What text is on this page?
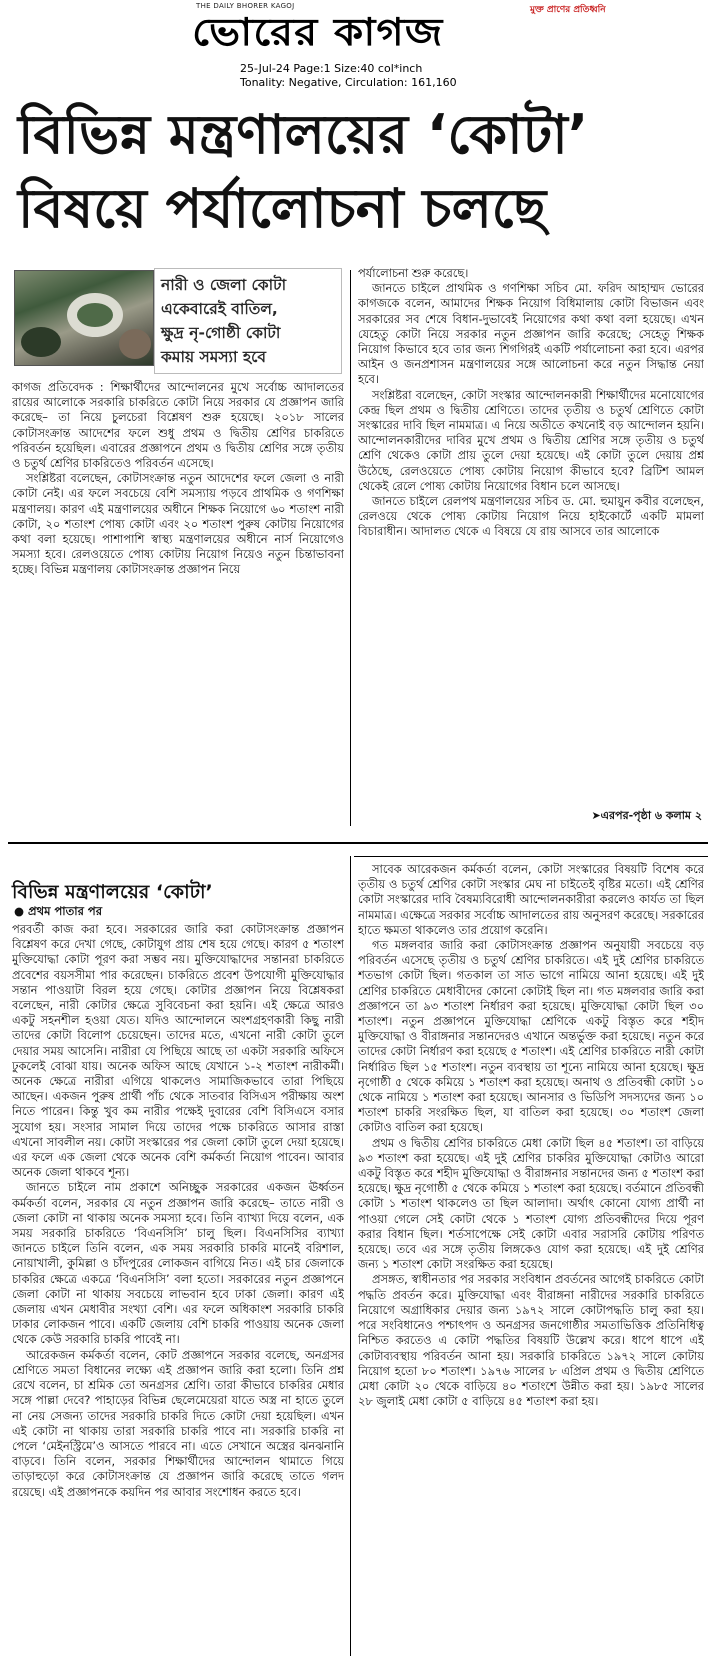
THE DAILY BHORER KAGOJ	মুক্ত প্রাণের প্রতিধ্বনি
ভোরের কাগজ
25-Jul-24 Page:1 Size:40 col*inch
Tonality: Negative, Circulation: 161,160
বিভিন্ন মন্ত্রণালয়ের ‘কোটা’
বিষয়ে পর্যালোচনা চলছে
নারী ও জেলা কোটা
একেবারেই বাতিল,
ক্ষুদ্র নৃ-গোষ্ঠী কোটা
কমায় সমস্যা হবে

কাগজ প্রতিবেদক : শিক্ষার্থীদের আন্দোলনের মুখে সর্বোচ্চ আদালতের রায়ের আলোকে সরকারি চাকরিতে কোটা নিয়ে সরকার যে প্রজ্ঞাপন জারি করেছে– তা নিয়ে চুলচেরা বিশ্লেষণ শুরু হয়েছে। ২০১৮ সালের কোটাসংক্রান্ত আদেশের ফলে শুধু প্রথম ও দ্বিতীয় শ্রেণির চাকরিতে পরিবর্তন হয়েছিল। এবারের প্রজ্ঞাপনে প্রথম ও দ্বিতীয় শ্রেণির সঙ্গে তৃতীয় ও চতুর্থ শ্রেণির চাকরিতেও পরিবর্তন এসেছে।

সংশ্লিষ্টরা বলেছেন, কোটাসংক্রান্ত নতুন আদেশের ফলে জেলা ও নারী কোটা নেই। এর ফলে সবচেয়ে বেশি সমস্যায় পড়বে প্রাথমিক ও গণশিক্ষা মন্ত্রণালয়। কারণ এই মন্ত্রণালয়ের অধীনে শিক্ষক নিয়োগে ৬০ শতাংশ নারী কোটা, ২০ শতাংশ পোষ্য কোটা এবং ২০ শতাংশ পুরুষ কোটায় নিয়োগের কথা বলা হয়েছে। পাশাপাশি স্বাস্থ্য মন্ত্রণালয়ের অধীনে নার্স নিয়োগেও সমস্যা হবে। রেলওয়েতে পোষ্য কোটায় নিয়োগ নিয়েও নতুন চিন্তাভাবনা হচ্ছে। বিভিন্ন মন্ত্রণালয় কোটাসংক্রান্ত প্রজ্ঞাপন নিয়ে

পর্যালোচনা শুরু করেছে।

জানতে চাইলে প্রাথমিক ও গণশিক্ষা সচিব মো. ফরিদ আহাম্মদ ভোরের কাগজকে বলেন, আমাদের শিক্ষক নিয়োগ বিধিমালায় কোটা বিভাজন এবং সরকারের সব শেষে বিধান-দুভাবেই নিয়োগের কথা কথা বলা হয়েছে। এখন যেহেতু কোটা নিয়ে সরকার নতুন প্রজ্ঞাপন জারি করেছে; সেহেতু শিক্ষক নিয়োগ কিভাবে হবে তার জন্য শিগগিরই একটি পর্যালোচনা করা হবে। এরপর আইন ও জনপ্রশাসন মন্ত্রণালয়ের সঙ্গে আলোচনা করে নতুন সিদ্ধান্ত নেয়া হবে।

সংশ্লিষ্টরা বলেছেন, কোটা সংস্কার আন্দোলনকারী শিক্ষার্থীদের মনোযোগের কেন্দ্র ছিল প্রথম ও দ্বিতীয় শ্রেণিতে। তাদের তৃতীয় ও চতুর্থ শ্রেণিতে কোটা সংস্কারের দাবি ছিল নামমাত্র। এ নিয়ে অতীতে কখনোই বড় আন্দোলন হয়নি। আন্দোলনকারীদের দাবির মুখে প্রথম ও দ্বিতীয় শ্রেণির সঙ্গে তৃতীয় ও চতুর্থ শ্রেণি থেকেও কোটা প্রায় তুলে দেয়া হয়েছে। এই কোটা তুলে দেয়ায় প্রশ্ন উঠেছে, রেলওয়েতে পোষ্য কোটায় নিয়োগ কীভাবে হবে? ব্রিটিশ আমল থেকেই রেলে পোষ্য কোটায় নিয়োগের বিধান চলে আসছে।

জানতে চাইলে রেলপথ মন্ত্রণালয়ের সচিব ড. মো. হুমায়ুন কবীর বলেছেন, রেলওয়ে থেকে পোষ্য কোটায় নিয়োগ নিয়ে হাইকোর্টে একটি মামলা বিচারাধীন। আদালত থেকে এ বিষয়ে যে রায় আসবে তার আলোকে

➤এরপর-পৃষ্ঠা ৬ কলাম ২
বিভিন্ন মন্ত্রণালয়ের ‘কোটা’
● প্রথম পাতার পর

পরবর্তী কাজ করা হবে। সরকারের জারি করা কোটাসংক্রান্ত প্রজ্ঞাপন বিশ্লেষণ করে দেখা গেছে, কোটাযুগ প্রায় শেষ হয়ে গেছে। কারণ ৫ শতাংশ মুক্তিযোদ্ধা কোটা পূরণ করা সম্ভব নয়। মুক্তিযোদ্ধাদের সন্তানরা চাকরিতে প্রবেশের বয়সসীমা পার করেছেন। চাকরিতে প্রবেশ উপযোগী মুক্তিযোদ্ধার সন্তান পাওয়াটা বিরল হয়ে গেছে। কোটার প্রজ্ঞাপন নিয়ে বিশ্লেষকরা বলেছেন, নারী কোটার ক্ষেত্রে সুবিবেচনা করা হয়নি। এই ক্ষেত্রে আরও একটু সহনশীল হওয়া যেত। যদিও আন্দোলনে অংশগ্রহণকারী কিছু নারী তাদের কোটা বিলোপ চেয়েছেন। তাদের মতে, এখনো নারী কোটা তুলে দেয়ার সময় আসেনি। নারীরা যে পিছিয়ে আছে তা একটা সরকারি অফিসে ঢুকলেই বোঝা যায়। অনেক অফিস আছে যেখানে ১-২ শতাংশ নারীকর্মী। অনেক ক্ষেত্রে নারীরা এগিয়ে থাকলেও সামাজিকভাবে তারা পিছিয়ে আছেন। একজন পুরুষ প্রার্থী পাঁচ থেকে সাতবার বিসিএস পরীক্ষায় অংশ নিতে পারেন। কিন্তু খুব কম নারীর পক্ষেই দুবারের বেশি বিসিএসে বসার সুযোগ হয়। সংসার সামাল দিয়ে তাদের পক্ষে চাকরিতে আসার রাস্তা এখনো সাবলীল নয়। কোটা সংস্কারের পর জেলা কোটা তুলে দেয়া হয়েছে। এর ফলে এক জেলা থেকে অনেক বেশি কর্মকর্তা নিয়োগ পাবেন। আবার অনেক জেলা থাকবে শূন্য।

জানতে চাইলে নাম প্রকাশে অনিচ্ছুক সরকারের একজন ঊর্ধ্বতন কর্মকর্তা বলেন, সরকার যে নতুন প্রজ্ঞাপন জারি করেছে– তাতে নারী ও জেলা কোটা না থাকায় অনেক সমস্যা হবে। তিনি ব্যাখ্যা দিয়ে বলেন, এক সময় সরকারি চাকরিতে ‘বিএনসিসি’ চালু ছিল। বিএনসিসির ব্যাখ্যা জানতে চাইলে তিনি বলেন, এক সময় সরকারি চাকরি মানেই বরিশাল, নোয়াখালী, কুমিল্লা ও চাঁদপুরের লোকজন বাগিয়ে নিত। এই চার জেলাকে চাকরির ক্ষেত্রে একত্রে ‘বিএনসিসি’ বলা হতো। সরকারের নতুন প্রজ্ঞাপনে জেলা কোটা না থাকায় সবচেয়ে লাভবান হবে ঢাকা জেলা। কারণ এই জেলায় এখন মেধাবীর সংখ্যা বেশি। এর ফলে অধিকাংশ সরকারি চাকরি ঢাকার লোকজন পাবে। একটি জেলায় বেশি চাকরি পাওয়ায় অনেক জেলা থেকে কেউ সরকারি চাকরি পাবেই না।

আরেকজন কর্মকর্তা বলেন, কোট প্রজ্ঞাপনে সরকার বলেছে, অনগ্রসর শ্রেণিতে সমতা বিধানের লক্ষ্যে এই প্রজ্ঞাপন জারি করা হলো। তিনি প্রশ্ন রেখে বলেন, চা শ্রমিক তো অনগ্রসর শ্রেণি। তারা কীভাবে চাকরির মেধার সঙ্গে পাল্লা দেবে? পাহাড়ের বিভিন্ন ছেলেমেয়েরা যাতে অস্ত্র না হাতে তুলে না নেয় সেজন্য তাদের সরকারি চাকরি দিতে কোটা দেয়া হয়েছিল। এখন এই কোটা না থাকায় তারা সরকারি চাকরি পাবে না। সরকারি চাকরি না পেলে ‘মেইনস্ট্রিমে’ও আসতে পারবে না। এতে সেখানে অস্ত্রের ঝনঝনানি বাড়বে। তিনি বলেন, সরকার শিক্ষার্থীদের আন্দোলন থামাতে গিয়ে তাড়াহুড়ো করে কোটাসংক্রান্ত যে প্রজ্ঞাপন জারি করেছে তাতে গলদ রয়েছে। এই প্রজ্ঞাপনকে কয়দিন পর আবার সংশোধন করতে হবে।

সাবেক আরেকজন কর্মকর্তা বলেন, কোটা সংস্কারের বিষয়টি বিশেষ করে তৃতীয় ও চতুর্থ শ্রেণির কোটা সংস্কার মেঘ না চাইতেই বৃষ্টির মতো। এই শ্রেণির কোটা সংস্কারের দাবি বৈষম্যবিরোধী আন্দোলনকারীরা করলেও কার্যত তা ছিল নামমাত্র। এক্ষেত্রে সরকার সর্বোচ্চ আদালতের রায় অনুসরণ করেছে। সরকারের হাতে ক্ষমতা থাকলেও তার প্রয়োগ করেনি।

গত মঙ্গলবার জারি করা কোটাসংক্রান্ত প্রজ্ঞাপন অনুযায়ী সবচেয়ে বড় পরিবর্তন এসেছে তৃতীয় ও চতুর্থ শ্রেণির চাকরিতে। এই দুই শ্রেণির চাকরিতে শতভাগ কোটা ছিল। গতকাল তা সাত ভাগে নামিয়ে আনা হয়েছে। এই দুই শ্রেণির চাকরিতে মেধাবীদের কোনো কোটাই ছিল না। গত মঙ্গলবার জারি করা প্রজ্ঞাপনে তা ৯৩ শতাংশ নির্ধারণ করা হয়েছে। মুক্তিযোদ্ধা কোটা ছিল ৩০ শতাংশ। নতুন প্রজ্ঞাপনে মুক্তিযোদ্ধা শ্রেণিকে একটু বিস্তৃত করে শহীদ মুক্তিযোদ্ধা ও বীরাঙ্গনার সন্তানদেরও এখানে অন্তর্ভুক্ত করা হয়েছে। নতুন করে তাদের কোটা নির্ধারণ করা হয়েছে ৫ শতাংশ। এই শ্রেণির চাকরিতে নারী কোটা নির্ধারিত ছিল ১৫ শতাংশ। নতুন ব্যবস্থায় তা শূন্যে নামিয়ে আনা হয়েছে। ক্ষুদ্র নৃগোষ্ঠী ৫ থেকে কমিয়ে ১ শতাংশ করা হয়েছে। অনাথ ও প্রতিবন্ধী কোটা ১০ থেকে নামিয়ে ১ শতাংশ করা হয়েছে। আনসার ও ভিডিপি সদস্যদের জন্য ১০ শতাংশ চাকরি সংরক্ষিত ছিল, যা বাতিল করা হয়েছে। ৩০ শতাংশ জেলা কোটাও বাতিল করা হয়েছে।

প্রথম ও দ্বিতীয় শ্রেণির চাকরিতে মেধা কোটা ছিল ৪৫ শতাংশ। তা বাড়িয়ে ৯৩ শতাংশ করা হয়েছে। এই দুই শ্রেণির চাকরির মুক্তিযোদ্ধা কোটাও আরো একটু বিস্তৃত করে শহীদ মুক্তিযোদ্ধা ও বীরাঙ্গনার সন্তানদের জন্য ৫ শতাংশ করা হয়েছে। ক্ষুদ্র নৃগোষ্ঠী ৫ থেকে কমিয়ে ১ শতাংশ করা হয়েছে। বর্তমানে প্রতিবন্ধী কোটা ১ শতাংশ থাকলেও তা ছিল আলাদা। অর্থাৎ কোনো যোগ্য প্রার্থী না পাওয়া গেলে সেই কোটা থেকে ১ শতাংশ যোগ্য প্রতিবন্ধীদের দিয়ে পূরণ করার বিধান ছিল। শর্তসাপেক্ষে সেই কোটা এবার সরাসরি কোটায় পরিণত হয়েছে। তবে এর সঙ্গে তৃতীয় লিঙ্গকেও যোগ করা হয়েছে। এই দুই শ্রেণির জন্য ১ শতাংশ কোটা সংরক্ষিত করা হয়েছে।

প্রসঙ্গত, স্বাধীনতার পর সরকার সংবিধান প্রবর্তনের আগেই চাকরিতে কোটা পদ্ধতি প্রবর্তন করে। মুক্তিযোদ্ধা এবং বীরাঙ্গনা নারীদের সরকারি চাকরিতে নিয়োগে অগ্রাধিকার দেয়ার জন্য ১৯৭২ সালে কোটাপদ্ধতি চালু করা হয়। পরে সংবিধানেও পশ্চাৎপদ ও অনগ্রসর জনগোষ্ঠীর সমতাভিত্তিক প্রতিনিধিত্ব নিশ্চিত করতেও এ কোটা পদ্ধতির বিষয়টি উল্লেখ করে। ধাপে ধাপে এই কোটাব্যবস্থায় পরিবর্তন আনা হয়। সরকারি চাকরিতে ১৯৭২ সালে কোটায় নিয়োগ হতো ৮০ শতাংশ। ১৯৭৬ সালের ৮ এপ্রিল প্রথম ও দ্বিতীয় শ্রেণিতে মেধা কোটা ২০ থেকে বাড়িয়ে ৪০ শতাংশে উন্নীত করা হয়। ১৯৮৫ সালের ২৮ জুলাই মেধা কোটা ৫ বাড়িয়ে ৪৫ শতাংশ করা হয়।
